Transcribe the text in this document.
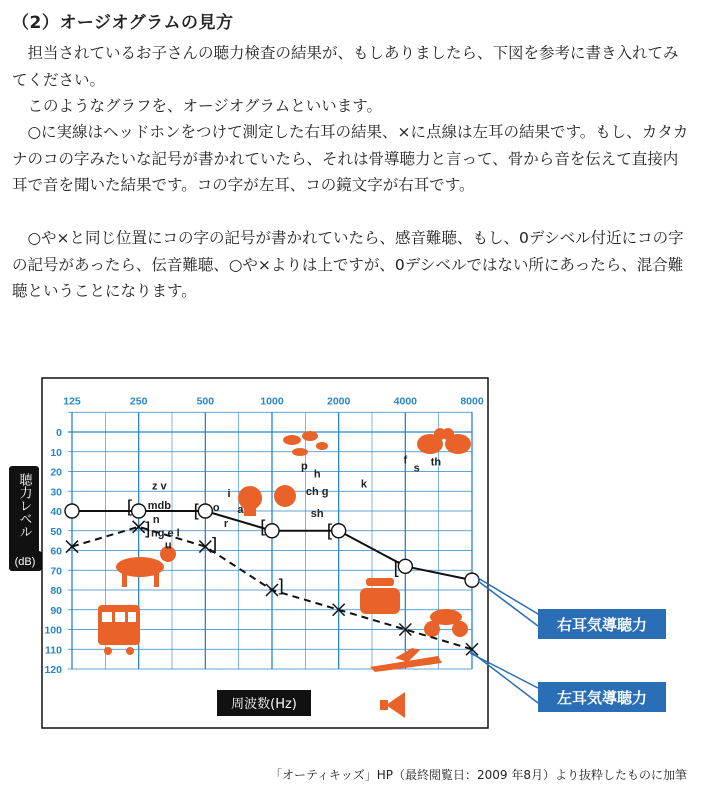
（2）オージオグラムの見方

担当されているお子さんの聴力検査の結果が、もしありましたら、下図を参考に書き入れてみてください。

このようなグラフを、オージオグラムといいます。

○に実線はヘッドホンをつけて測定した右耳の結果、×に点線は左耳の結果です。もし、カタカナのコの字みたいな記号が書かれていたら、それは骨導聴力と言って、骨から音を伝えて直接内耳で音を聞いた結果です。コの字が左耳、コの鏡文字が右耳です。

○や×と同じ位置にコの字の記号が書かれていたら、感音難聴、もし、0デシベル付近にコの字の記号があったら、伝音難聴、○や×よりは上ですが、0デシベルではない所にあったら、混合難聴ということになります。

125	250	500	1000	2000	4000	8000
0
10
20
30
40
50
60
70
80
90
100
110
120
聴力レベル
(dB)
周波数(Hz)
z v
mdb
n
ng e l
u
o
i
a
r
p
h
ch g
sh
k
f
s th
[	[
[	[
[
]
]
]
右耳気導聴力
左耳気導聴力
「オーティキッズ」HP（最終閲覧日：2009 年8月）より抜粋したものに加筆
